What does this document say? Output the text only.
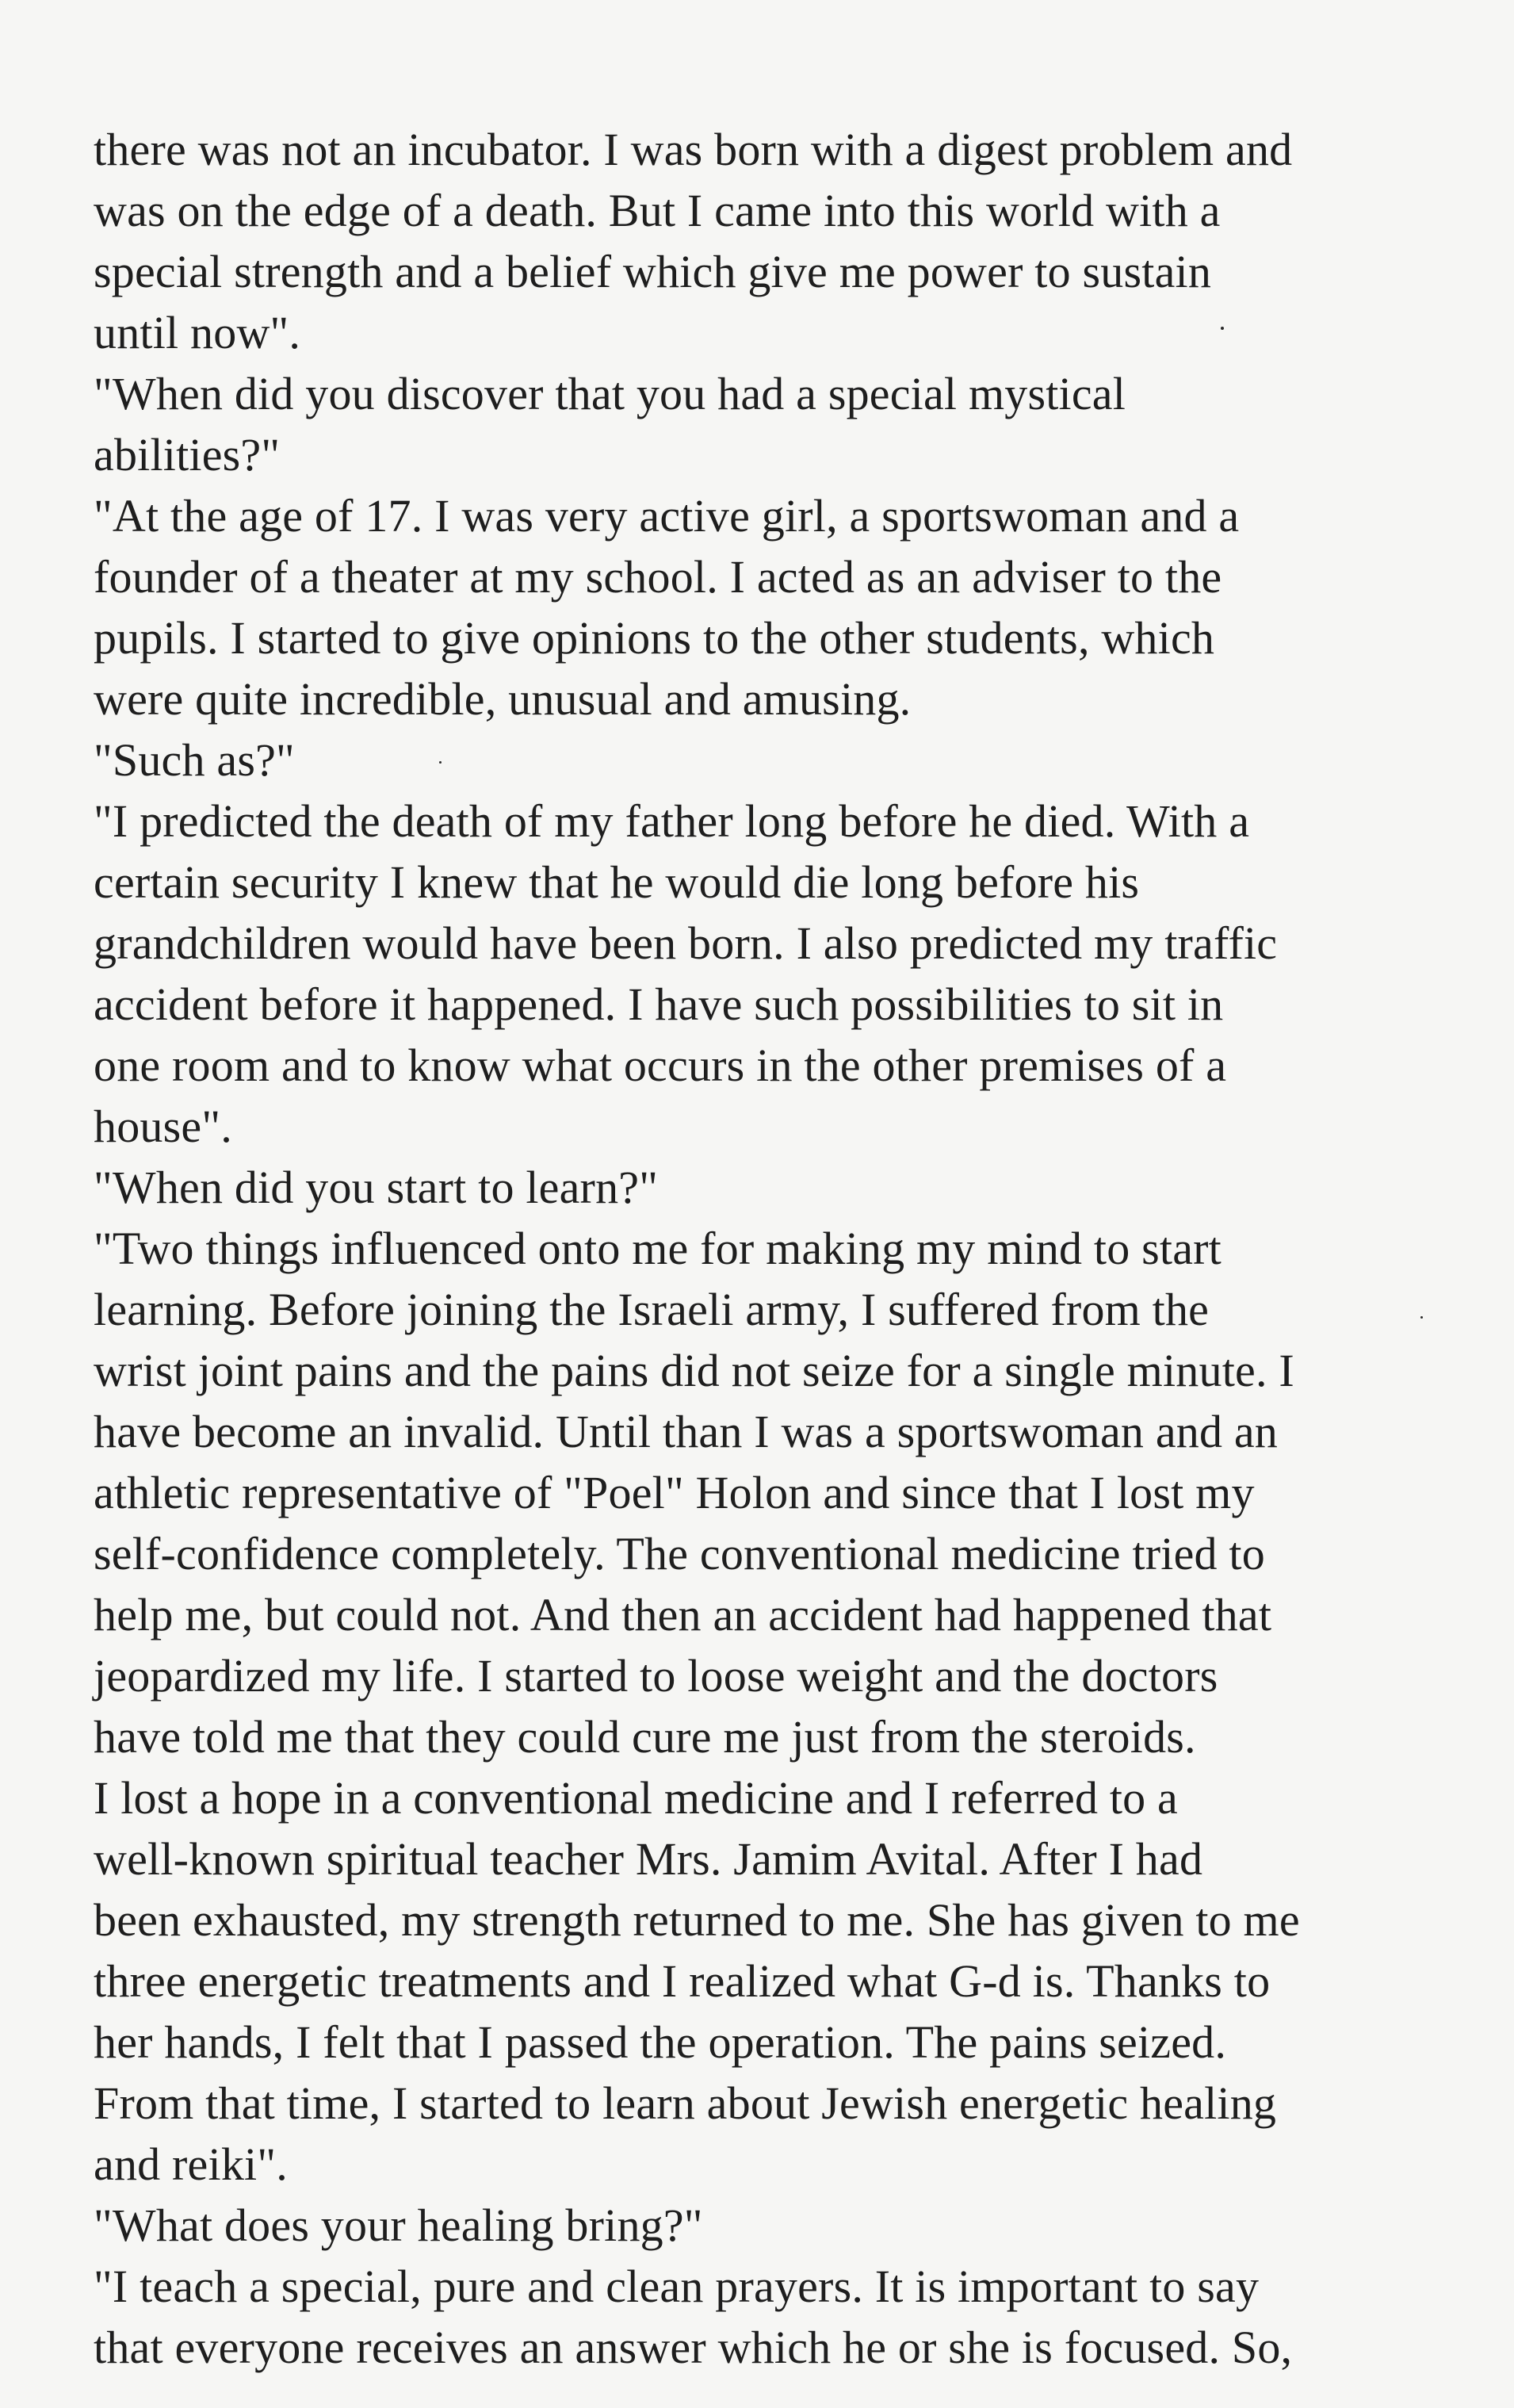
there was not an incubator. I was born with a digest problem and
was on the edge of a death. But I came into this world with a
special strength and a belief which give me power to sustain
until now".
"When did you discover that you had a special mystical
abilities?"
"At the age of 17. I was very active girl, a sportswoman and a
founder of a theater at my school. I acted as an adviser to the
pupils. I started to give opinions to the other students, which
were quite incredible, unusual and amusing.
"Such as?"
"I predicted the death of my father long before he died. With a
certain security I knew that he would die long before his
grandchildren would have been born. I also predicted my traffic
accident before it happened. I have such possibilities to sit in
one room and to know what occurs in the other premises of a
house".
"When did you start to learn?"
"Two things influenced onto me for making my mind to start
learning. Before joining the Israeli army, I suffered from the
wrist joint pains and the pains did not seize for a single minute. I
have become an invalid. Until than I was a sportswoman and an
athletic representative of "Poel" Holon and since that I lost my
self-confidence completely. The conventional medicine tried to
help me, but could not. And then an accident had happened that
jeopardized my life. I started to loose weight and the doctors
have told me that they could cure me just from the steroids.
I lost a hope in a conventional medicine and I referred to a
well-known spiritual teacher Mrs. Jamim Avital. After I had
been exhausted, my strength returned to me. She has given to me
three energetic treatments and I realized what G-d is. Thanks to
her hands, I felt that I passed the operation. The pains seized.
From that time, I started to learn about Jewish energetic healing
and reiki".
"What does your healing bring?"
"I teach a special, pure and clean prayers. It is important to say
that everyone receives an answer which he or she is focused. So,
